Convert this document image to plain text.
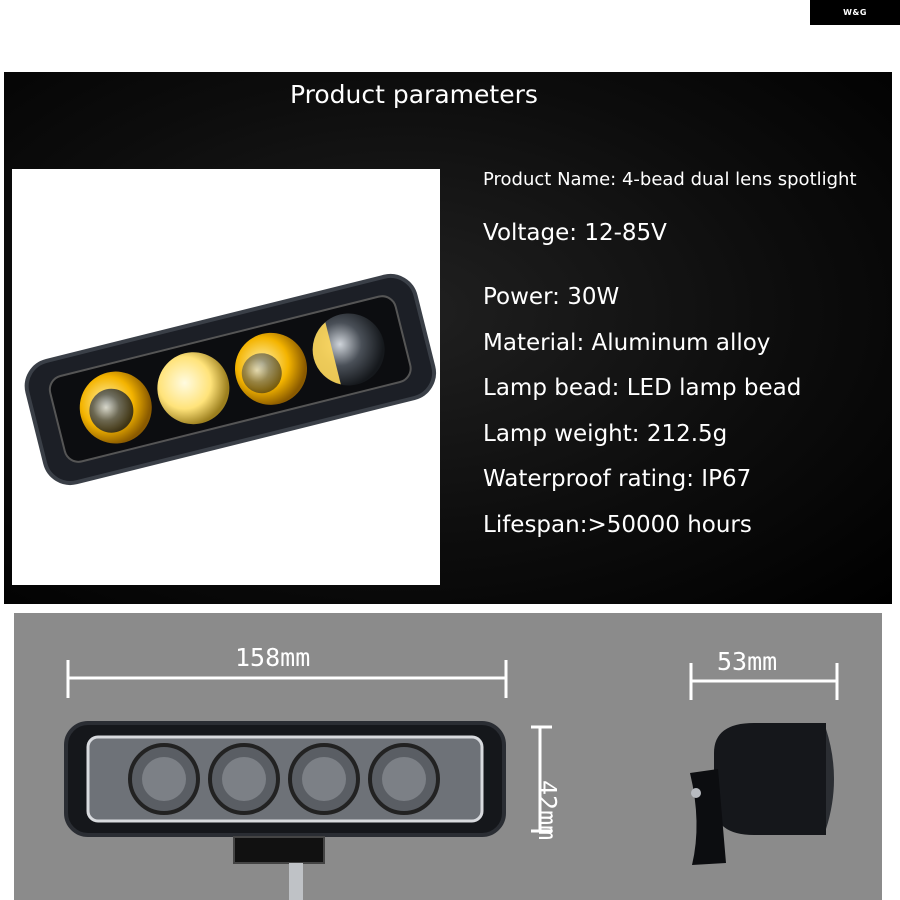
W&G
Product parameters
Product Name: 4-bead dual lens spotlight
Voltage: 12-85V
Power: 30W
Material: Aluminum alloy
Lamp bead: LED lamp bead
Lamp weight: 212.5g
Waterproof rating: IP67
Lifespan:>50000 hours
158mm	53mm
42mm
